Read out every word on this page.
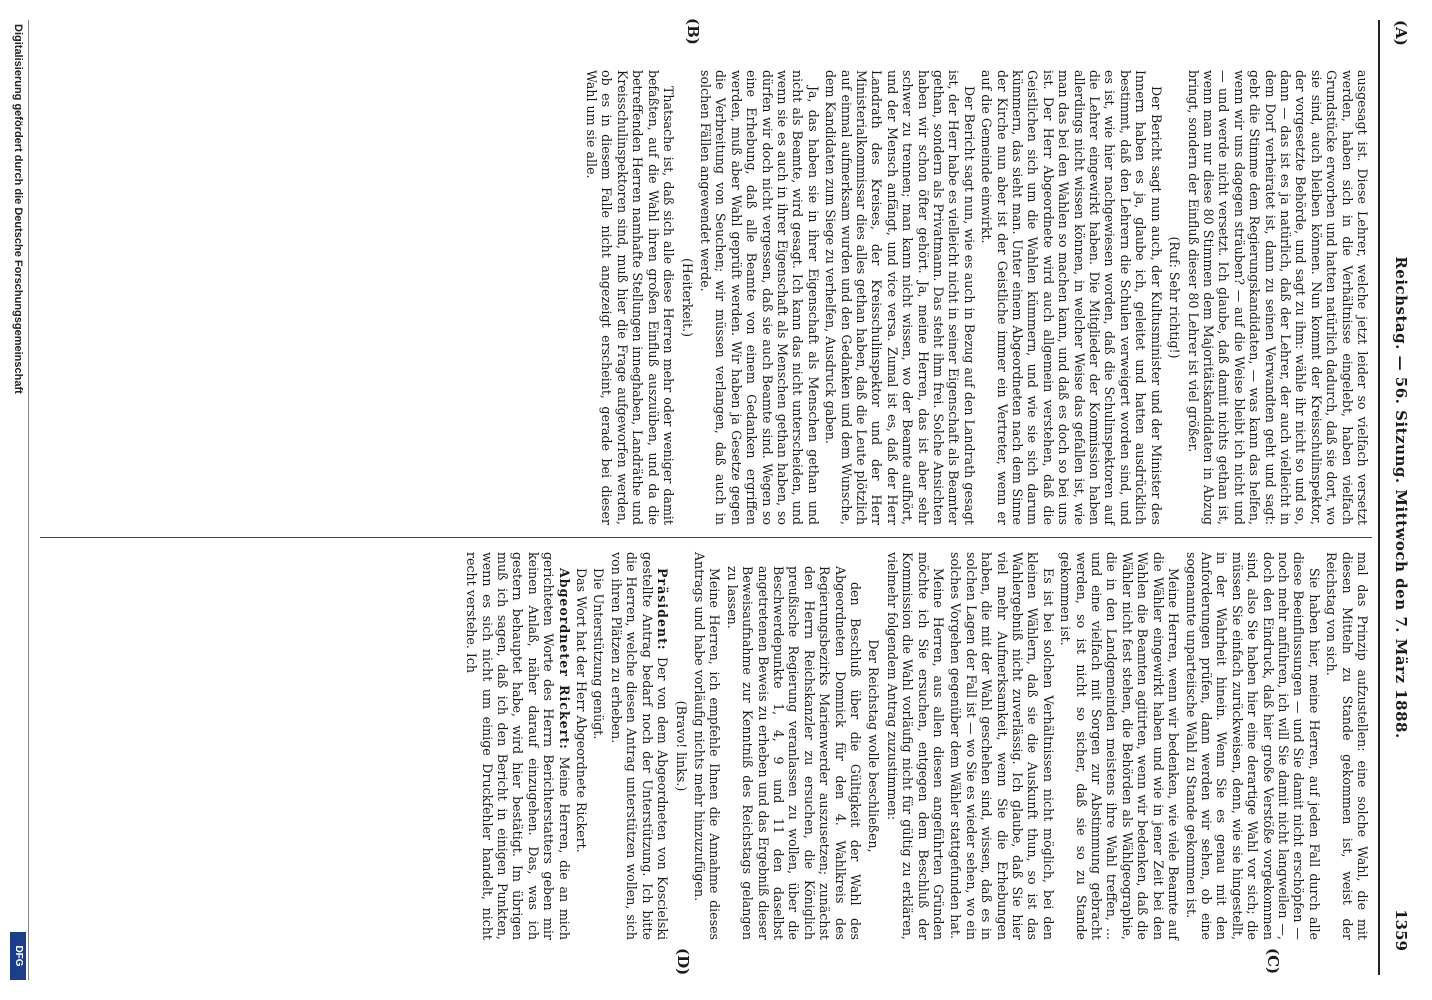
(A)
Reichstag. — 56. Sitzung. Mittwoch den 7. März 1888.
1359
(B)
(C)
(D)

ausgesagt ist. Diese Lehrer, welche jetzt leider so vielfach versetzt werden, haben sich in die Verhältnisse eingelebt, haben vielfach Grundstücke erworben und hatten natürlich dadurch, daß sie dort, wo sie sind, auch bleiben können. Nun kommt der Kreisschulinspektor, der vorgesetzte Behörde, und sagt zu ihm: wähle ihr nicht so und so, dann — das ist es ja natürlich, daß der Lehrer, der auch vielleicht in dem Dorf verheiratet ist, dann zu seinen Verwandten geht und sagt: gebt die Stimme dem Regierungskandidaten, — was kann das helfen, wenn wir uns dagegen sträuben? — auf die Weise bleibt ich nicht und — und werde nicht versetzt. Ich glaube, daß damit nichts gethan ist, wenn man nur diese 80 Stimmen dem Majoritätskandidaten in Abzug bringt, sondern der Einfluß dieser 80 Lehrer ist viel größer.

(Ruf: Sehr richtig!)

Der Bericht sagt nun auch, der Kultusminister und der Minister des Innern haben es ja, glaube ich, geleitet und hatten ausdrücklich bestimmt, daß den Lehrern die Schulen verweigert worden sind, und es ist, wie hier nachgewiesen worden, daß die Schulinspektoren auf die Lehrer eingewirkt haben. Die Mitglieder der Kommission haben allerdings nicht wissen können, in welcher Weise das gefallen ist, wie man das bei den Wahlen so machen kann, und daß es doch so bei uns ist. Der Herr Abgeordnete wird auch allgemein verstehen, daß die Geistlichen sich um die Wahlen kümmern, und wie sie sich darum kümmern, das sieht man. Unter einem Abgeordneten nach dem Sinne der Kirche nun aber ist der Geistliche immer ein Vertreter, wenn er auf die Gemeinde einwirkt.

Der Bericht sagt nun, wie es auch in Bezug auf den Landrath gesagt ist, der Herr habe es vielleicht nicht in seiner Eigenschaft als Beamter gethan, sondern als Privatmann. Das steht ihm frei. Solche Ansichten haben wir schon öfter gehört. Ja, meine Herren, das ist aber sehr schwer zu trennen; man kann nicht wissen, wo der Beamte aufhört, und der Mensch anfängt, und vice versa. Zumal ist es, daß der Herr Landrath des Kreises, der Kreisschulinspektor und der Herr Ministerialkommissar dies alles gethan haben, daß die Leute plötzlich auf einmal aufmerksam wurden und den Gedanken und dem Wunsche, dem Kandidaten zum Siege zu verhelfen, Ausdruck gaben.

Ja, das haben sie in ihrer Eigenschaft als Menschen gethan und nicht als Beamte, wird gesagt. Ich kann das nicht unterscheiden, und wenn sie es auch in ihrer Eigenschaft als Menschen gethan haben, so dürfen wir doch nicht vergessen, daß sie auch Beamte sind. Wegen so eine Erhebung, daß alle Beamte von einem Gedanken ergriffen werden, muß aber Wahl geprüft werden. Wir haben ja Gesetze gegen die Verbreitung von Seuchen; wir müssen verlangen, daß auch in solchen Fällen angewendet werde.

(Heiterkeit.)

Thatsache ist, daß sich alle diese Herren mehr oder weniger damit befaßten, auf die Wahl ihren großen Einfluß auszuüben, und da die betreffenden Herren namhafte Stellungen inneghaben, Landräthe und Kreisschulinspektoren sind, muß hier die Frage aufgeworfen werden, ob es in diesem Falle nicht angezeigt erscheint, gerade bei dieser Wahl um sie alle.

mal das Prinzip aufzustellen: eine solche Wahl, die mit diesen Mitteln zu Stande gekommen ist, weist der Reichstag von sich.

Sie haben hier, meine Herren, auf jeden Fall durch alle diese Beeinflussungen — und Sie damit nicht erschöpfen — noch mehr anführen, ich will Sie damit nicht langweilen —, doch den Eindruck, daß hier große Verstöße vorgekommen sind, also Sie haben hier eine derartige Wahl vor sich; die müssen Sie einfach zurückweisen, denn, wie sie hingestellt, in der Wahrheit hinein. Wenn Sie es genau mit den Anforderungen prüfen, dann werden wir sehen, ob eine sogenannte unparteiische Wahl zu Stande gekommen ist.

Meine Herren, wenn wir bedenken, wie viele Beamte auf die Wähler eingewirkt haben und wie in jener Zeit bei den Wahlen die Beamten agitirten, wenn wir bedenken, daß die Wähler nicht fest stehen, die Behörden als Wählgeographie, die in den Landgemeinden meistens ihre Wahl treffen, ... und eine vielfach mit Sorgen zur Abstimmung gebracht werden, so ist nicht so sicher, daß sie so zu Stande gekommen ist.

Es ist bei solchen Verhältnissen nicht möglich, bei den kleinen Wählern, daß sie die Auskunft thun, so ist das Wahlergebniß nicht zuverlässig. Ich glaube, daß Sie hier viel mehr Aufmerksamkeit, wenn Sie die Erhebungen haben, die mit der Wahl geschehen sind, wissen, daß es in solchen Lagen der Fall ist — wo Sie es wieder sehen, wo ein solches Vorgehen gegenüber dem Wähler stattgefunden hat.

Meine Herren, aus allen diesen angeführten Gründen möchte ich Sie ersuchen, entgegen dem Beschluß der Kommission die Wahl vorläufig nicht für gültig zu erklären, vielmehr folgendem Antrag zuzustimmen:

Der Reichstag wolle beschließen,

den Beschluß über die Gültigkeit der Wahl des Abgeordneten Domnick für den 4. Wahlkreis des Regierungsbezirks Marienwerder auszusetzen; zunächst den Herrn Reichskanzler zu ersuchen, die Königlich preußische Regierung veranlassen zu wollen, über die Beschwerdepunkte 1, 4, 9 und 11 den daselbst angetretenen Beweis zu erheben und das Ergebniß dieser Beweisaufnahme zur Kenntniß des Reichstags gelangen zu lassen.

Meine Herren, ich empfehle Ihnen die Annahme dieses Antrags und habe vorläufig nichts mehr hinzuzufügen.

(Bravo! links.)

Präsident: Der von dem Abgeordneten von Koscielski gestellte Antrag bedarf noch der Unterstützung. Ich bitte die Herren, welche diesen Antrag unterstützen wollen, sich von ihren Plätzen zu erheben.

Die Unterstützung genügt.

Das Wort hat der Herr Abgeordnete Rickert.

Abgeordneter Rickert: Meine Herren, die an mich gerichteten Worte des Herrn Berichterstatters geben mir keinen Anlaß, näher darauf einzugehen. Das, was ich gestern behauptet habe, wird hier bestätigt. Im übrigen muß ich sagen, daß ich den Bericht in einigen Punkten, wenn es sich nicht um einige Druckfehler handelt, nicht recht verstehe. Ich

Digitalisierung gefördert durch die Deutsche Forschungsgemeinschaft
DFG
